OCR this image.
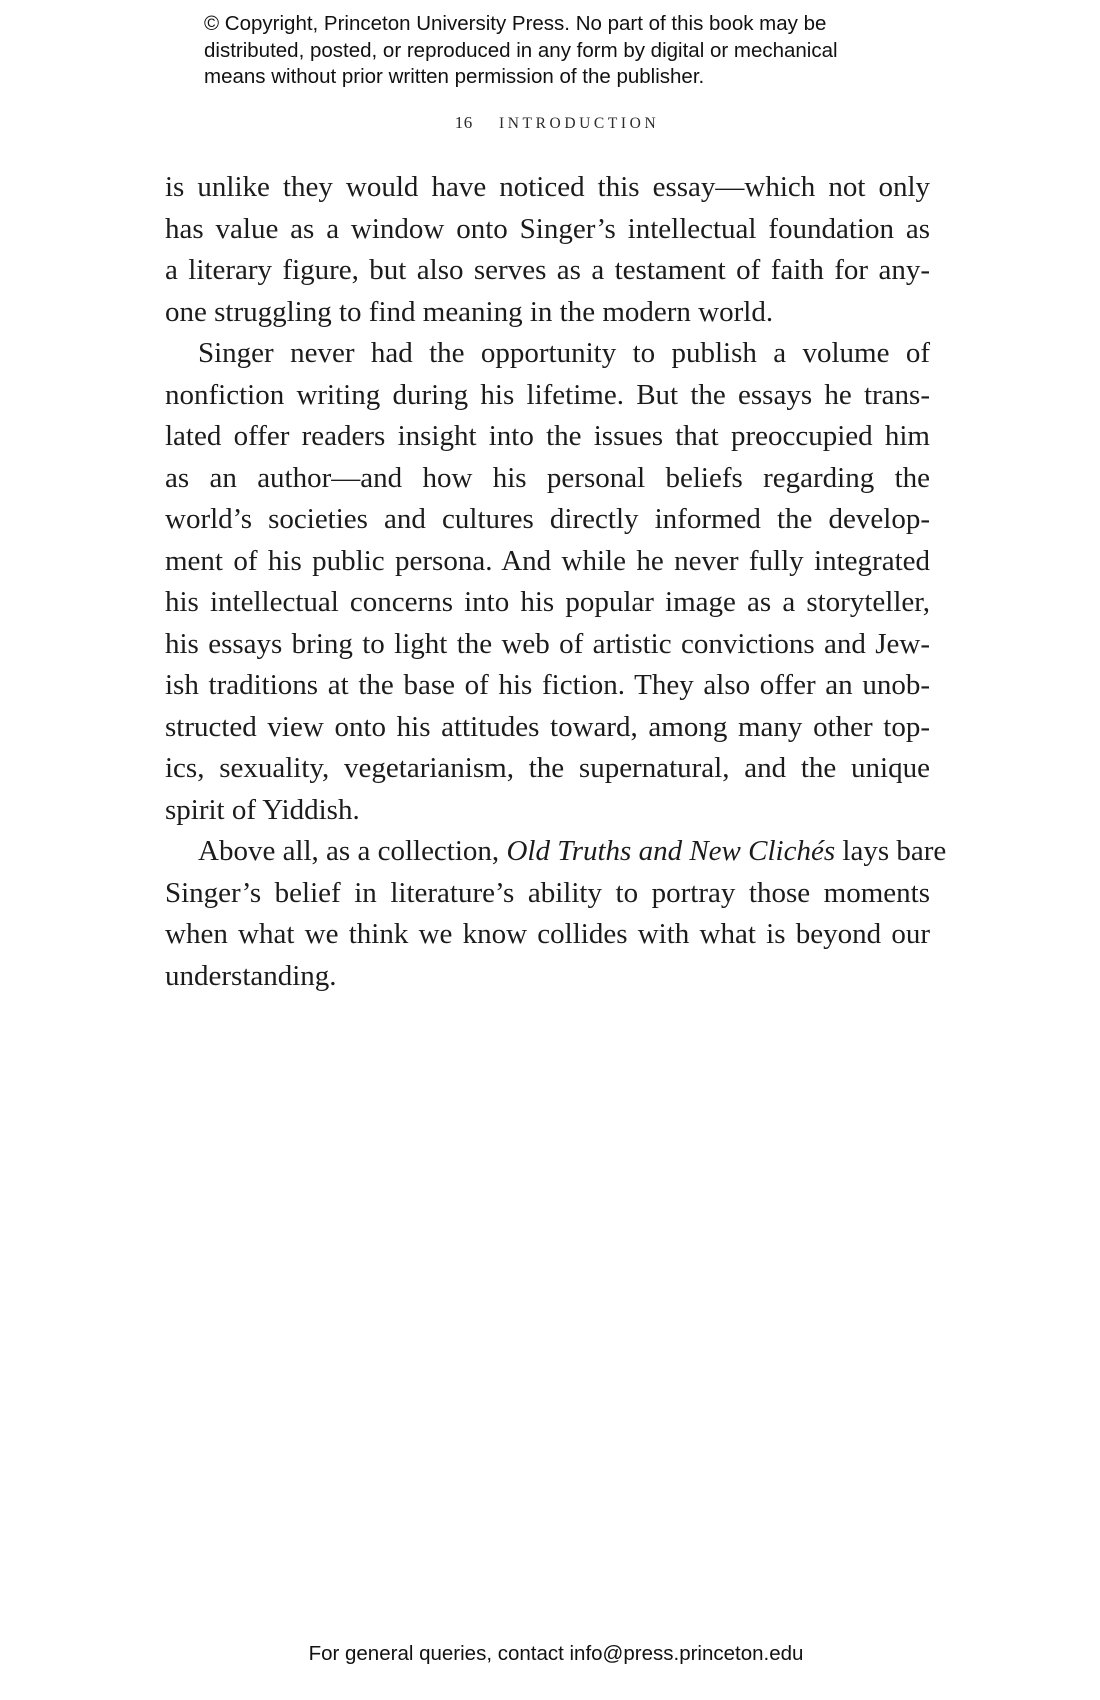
© Copyright, Princeton University Press. No part of this book may be
distributed, posted, or reproduced in any form by digital or mechanical
means without prior written permission of the publisher.
16 INTRODUCTION
is unlike they would have noticed this essay—which not only
has value as a window onto Singer’s intellectual foundation as
a literary figure, but also serves as a testament of faith for any-
one struggling to find meaning in the modern world.
Singer never had the opportunity to publish a volume of
nonfiction writing during his lifetime. But the essays he trans-
lated offer readers insight into the issues that preoccupied him
as an author—and how his personal beliefs regarding the
world’s societies and cultures directly informed the develop-
ment of his public persona. And while he never fully integrated
his intellectual concerns into his popular image as a storyteller,
his essays bring to light the web of artistic convictions and Jew-
ish traditions at the base of his fiction. They also offer an unob-
structed view onto his attitudes toward, among many other top-
ics, sexuality, vegetarianism, the supernatural, and the unique
spirit of Yiddish.
Above all, as a collection, Old Truths and New Clichés lays bare
Singer’s belief in literature’s ability to portray those moments
when what we think we know collides with what is beyond our
understanding.
For general queries, contact info@press.princeton.edu
